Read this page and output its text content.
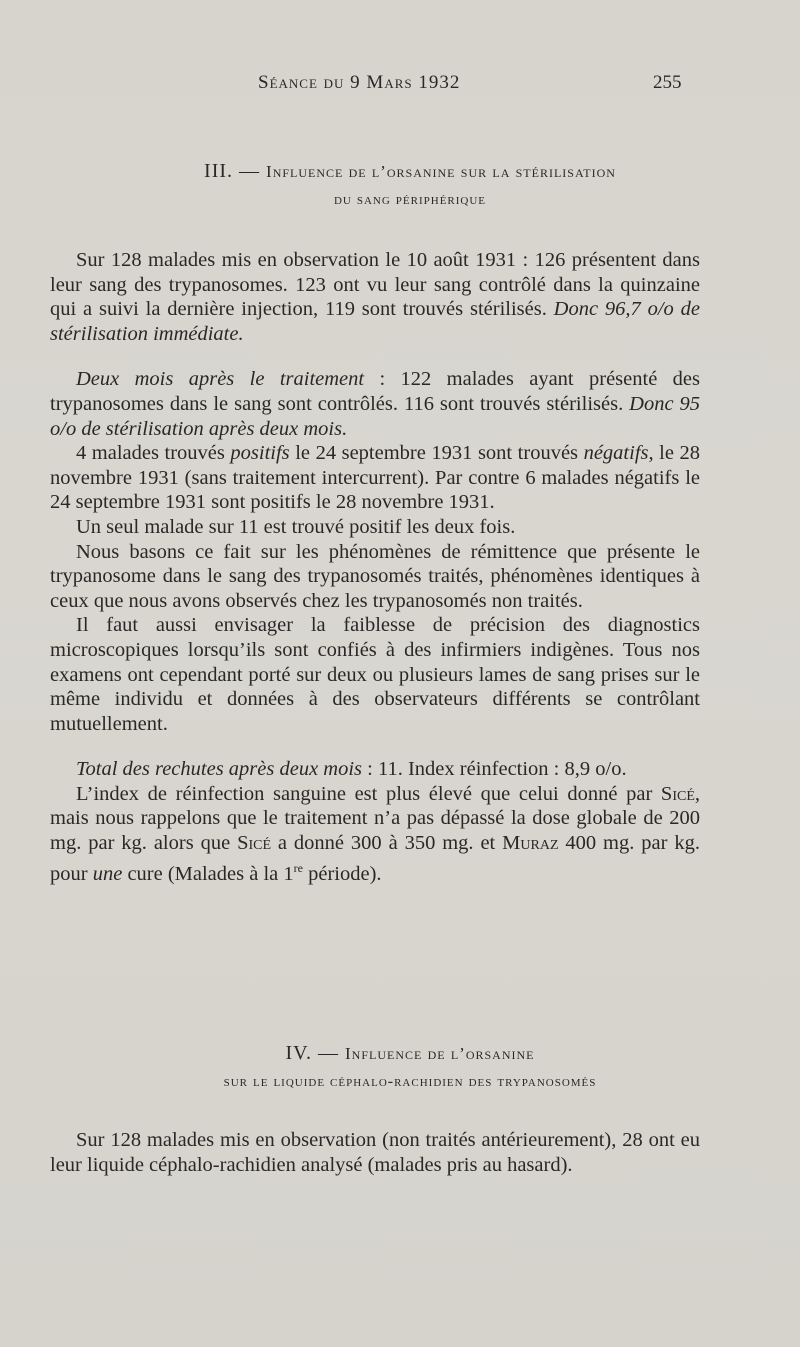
Séance du 9 Mars 1932	255
III. — Influence de l’orsanine sur la stérilisation
du sang périphérique

Sur 128 malades mis en observation le 10 août 1931 : 126 présentent dans leur sang des trypanosomes. 123 ont vu leur sang contrôlé dans la quinzaine qui a suivi la dernière injection, 119 sont trouvés stérilisés. Donc 96,7 o/o de stérilisation immédiate.

Deux mois après le traitement : 122 malades ayant présenté des trypanosomes dans le sang sont contrôlés. 116 sont trouvés stérilisés. Donc 95 o/o de stérilisation après deux mois.

4 malades trouvés positifs le 24 septembre 1931 sont trouvés négatifs, le 28 novembre 1931 (sans traitement intercurrent). Par contre 6 malades négatifs le 24 septembre 1931 sont positifs le 28 novembre 1931.

Un seul malade sur 11 est trouvé positif les deux fois.

Nous basons ce fait sur les phénomènes de rémittence que présente le trypanosome dans le sang des trypanosomés traités, phénomènes identiques à ceux que nous avons observés chez les trypanosomés non traités.

Il faut aussi envisager la faiblesse de précision des diagnostics microscopiques lorsqu’ils sont confiés à des infirmiers indigènes. Tous nos examens ont cependant porté sur deux ou plusieurs lames de sang prises sur le même individu et données à des observateurs différents se contrôlant mutuellement.

Total des rechutes après deux mois : 11. Index réinfection : 8,9 o/o.

L’index de réinfection sanguine est plus élevé que celui donné par Sicé, mais nous rappelons que le traitement n’a pas dépassé la dose globale de 200 mg. par kg. alors que Sicé a donné 300 à 350 mg. et Muraz 400 mg. par kg. pour une cure (Malades à la 1re période).

IV. — Influence de l’orsanine
sur le liquide céphalo-rachidien des trypanosomés

Sur 128 malades mis en observation (non traités antérieurement), 28 ont eu leur liquide céphalo-rachidien analysé (malades pris au hasard).
